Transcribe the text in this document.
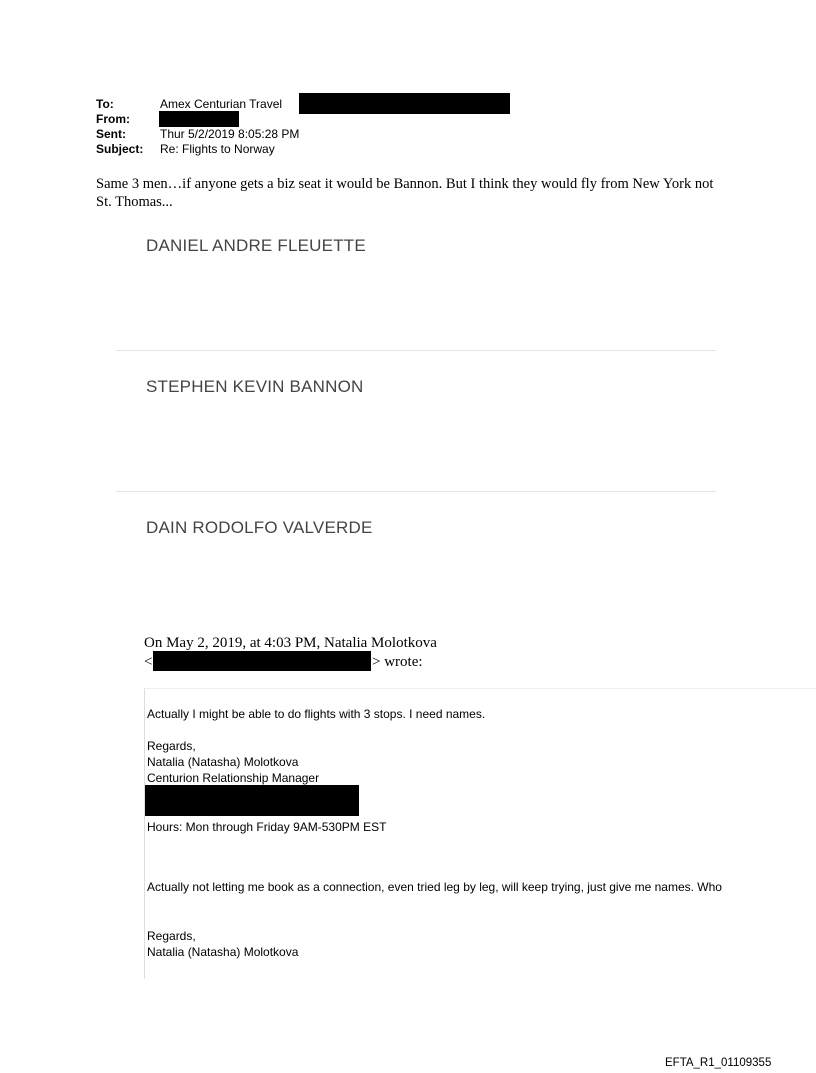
To:	Amex Centurian Travel
From:
Sent:	Thur 5/2/2019 8:05:28 PM
Subject: Re: Flights to Norway
Same 3 men…if anyone gets a biz seat it would be Bannon. But I think they would fly from New York not St. Thomas...
DANIEL ANDRE FLEUETTE
STEPHEN KEVIN BANNON
DAIN RODOLFO VALVERDE
On May 2, 2019, at 4:03 PM, Natalia Molotkova
<	> wrote:
Actually I might be able to do flights with 3 stops. I need names.
Regards,
Natalia (Natasha) Molotkova
Centurion Relationship Manager
Hours: Mon through Friday 9AM-530PM EST
Actually not letting me book as a connection, even tried leg by leg, will keep trying, just give me names. Who
Regards,
Natalia (Natasha) Molotkova
EFTA_R1_01109355
